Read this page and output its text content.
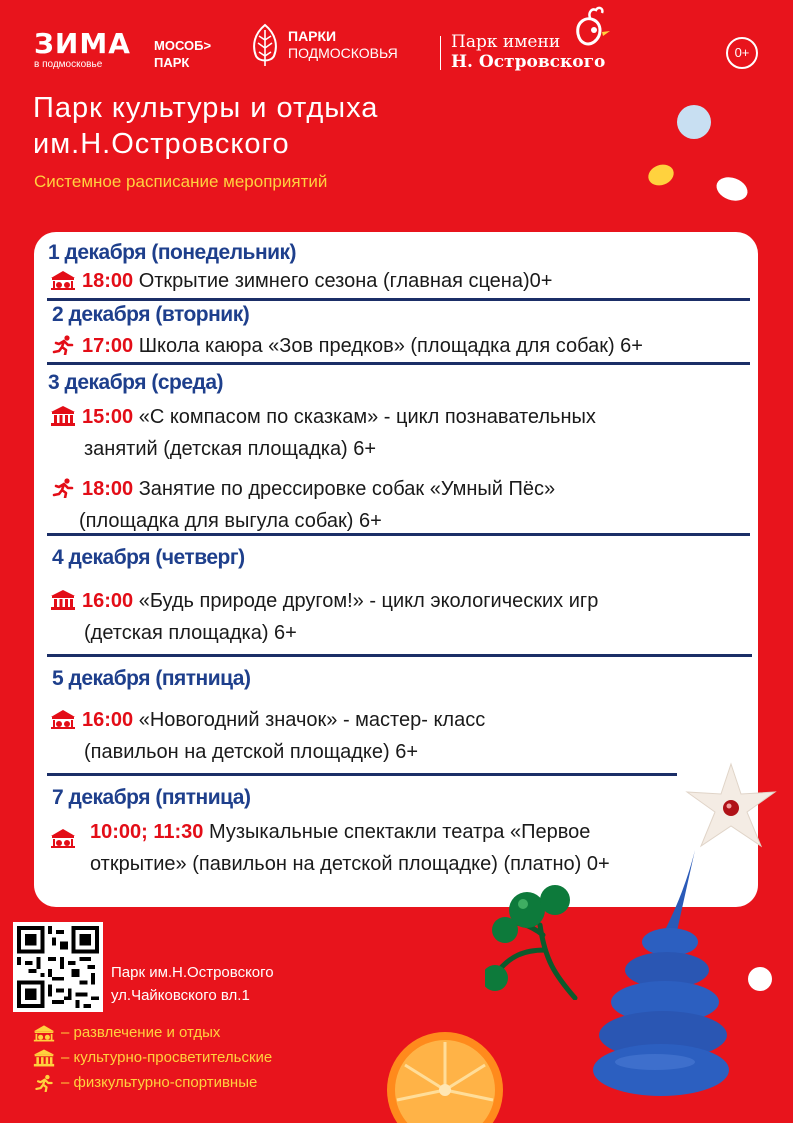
ЗИМА
в подмосковье
МОСОБ>
ПАРК
ПАРКИ
ПОДМОСКОВЬЯ
Парк имени
Н. Островского	0+
Парк культуры и отдыха
им.Н.Островского
Системное расписание мероприятий
1 декабря (понедельник)
18:00 Открытие зимнего сезона (главная сцена)0+
2 декабря (вторник)
17:00 Школа каюра «Зов предков» (площадка для собак) 6+
3 декабря (среда)
15:00 «С компасом по сказкам» - цикл познавательных
занятий (детская площадка) 6+
18:00 Занятие по дрессировке собак «Умный Пёс»
(площадка для выгула собак) 6+
4 декабря (четверг)
16:00 «Будь природе другом!» - цикл экологических игр
(детская площадка) 6+
5 декабря (пятница)
16:00 «Новогодний значок» - мастер- класс
(павильон на детской площадке) 6+
7 декабря (пятница)
10:00; 11:30 Музыкальные спектакли театра «Первое
открытие» (павильон на детской площадке) (платно) 0+
Парк им.Н.Островского
ул.Чайковского вл.1
– развлечение и отдых
– культурно-просветительские
– физкультурно-спортивные
